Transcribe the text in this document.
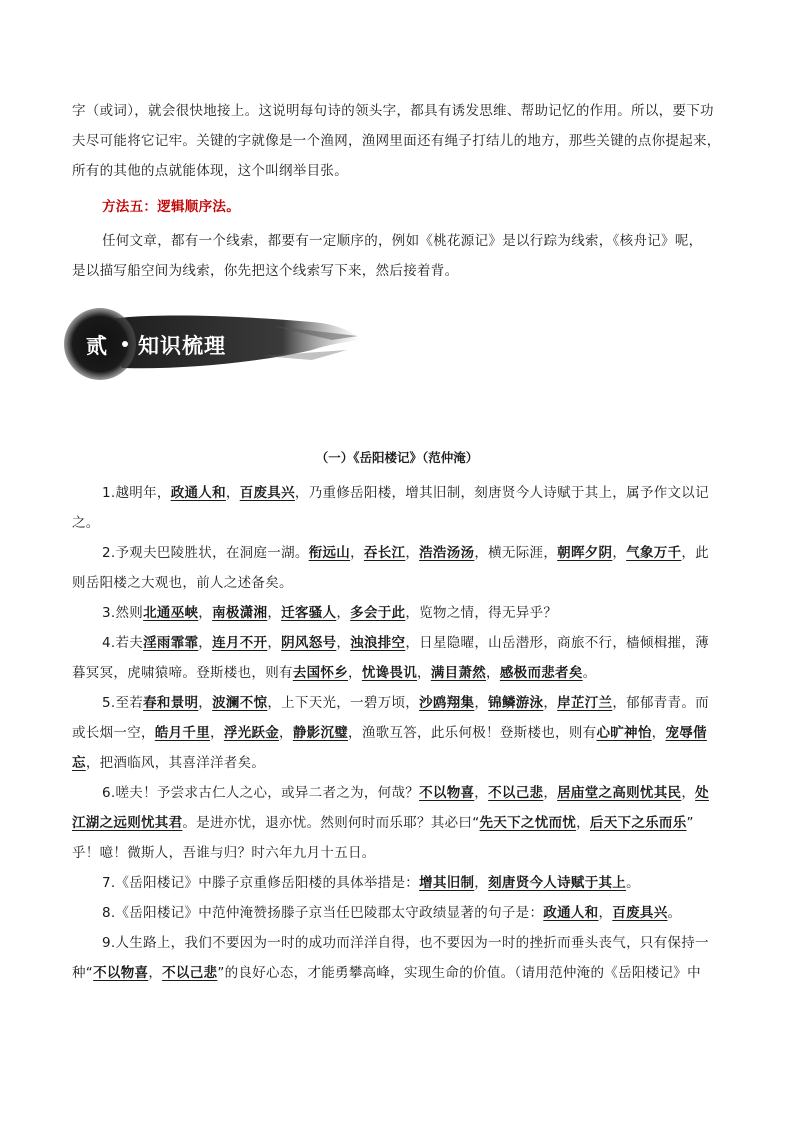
字（或词），就会很快地接上。这说明每句诗的领头字，都具有诱发思维、帮助记忆的作用。所以，要下功
夫尽可能将它记牢。关键的字就像是一个渔网，渔网里面还有绳子打结儿的地方，那些关键的点你提起来，
所有的其他的点就能体现，这个叫纲举目张。
方法五：逻辑顺序法。
任何文章，都有一个线索，都要有一定顺序的，例如《桃花源记》是以行踪为线索，《核舟记》呢，
是以描写船空间为线索，你先把这个线索写下来，然后接着背。
贰 知识梳理
（一）《岳阳楼记》（范仲淹）
1.越明年，政通人和，百废具兴，乃重修岳阳楼，增其旧制，刻唐贤今人诗赋于其上，属予作文以记
之。
2.予观夫巴陵胜状，在洞庭一湖。衔远山，吞长江，浩浩汤汤，横无际涯，朝晖夕阴，气象万千，此
则岳阳楼之大观也，前人之述备矣。
3.然则北通巫峡，南极潇湘，迁客骚人，多会于此，览物之情，得无异乎？
4.若夫淫雨霏霏，连月不开，阴风怒号，浊浪排空，日星隐曜，山岳潜形，商旅不行，樯倾楫摧，薄
暮冥冥，虎啸猿啼。登斯楼也，则有去国怀乡，忧谗畏讥，满目萧然，感极而悲者矣。
5.至若春和景明，波澜不惊，上下天光，一碧万顷，沙鸥翔集，锦鳞游泳，岸芷汀兰，郁郁青青。而
或长烟一空，皓月千里，浮光跃金，静影沉璧，渔歌互答，此乐何极！登斯楼也，则有心旷神怡，宠辱偕
忘，把酒临风，其喜洋洋者矣。
6.嗟夫！予尝求古仁人之心，或异二者之为，何哉？不以物喜，不以己悲，居庙堂之高则忧其民，处
江湖之远则忧其君。是进亦忧，退亦忧。然则何时而乐耶？其必曰“先天下之忧而忧，后天下之乐而乐”
乎！噫！微斯人，吾谁与归？时六年九月十五日。
7.《岳阳楼记》中滕子京重修岳阳楼的具体举措是：增其旧制，刻唐贤今人诗赋于其上。
8.《岳阳楼记》中范仲淹赞扬滕子京当任巴陵郡太守政绩显著的句子是：政通人和，百废具兴。
9.人生路上，我们不要因为一时的成功而洋洋自得，也不要因为一时的挫折而垂头丧气，只有保持一
种“不以物喜，不以己悲”的良好心态，才能勇攀高峰，实现生命的价值。（请用范仲淹的《岳阳楼记》中
